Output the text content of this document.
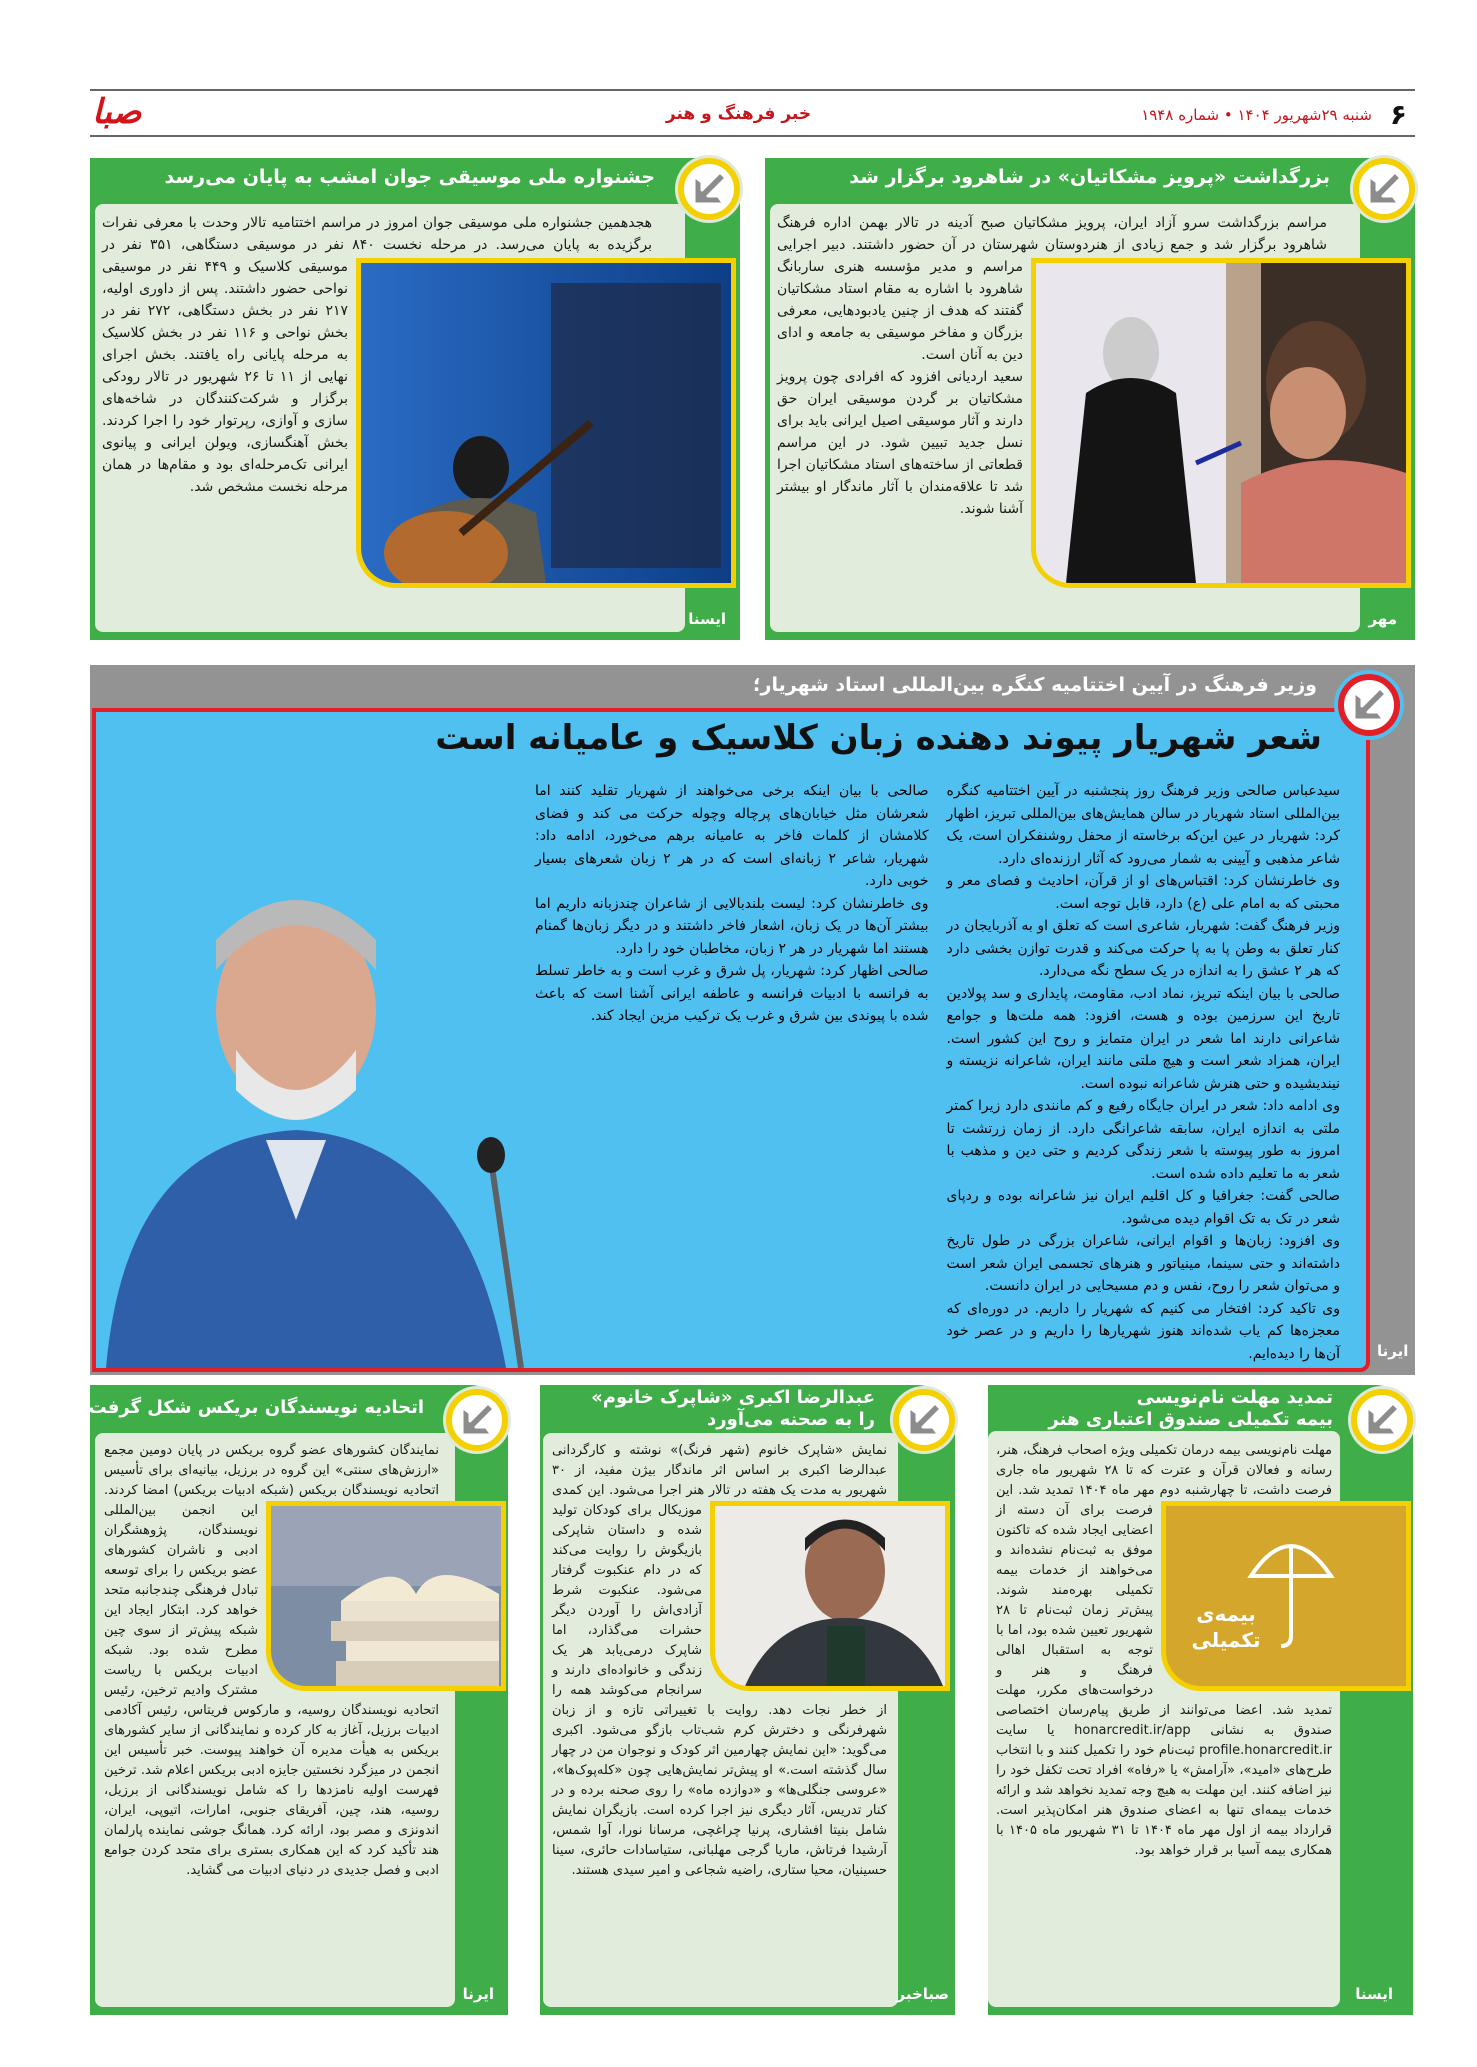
۶
شنبه ۲۹شهریور ۱۴۰۴ • شماره ۱۹۴۸
خبر فرهنگ و هنر
صبا
بزرگداشت «پرویز مشکاتیان» در شاهرود برگزار شد
مهر

مراسم بزرگداشت سرو آزاد ایران، پرویز مشکاتیان صبح آدینه در تالار بهمن اداره فرهنگ شاهرود برگزار شد و جمع زیادی از هنردوستان شهرستان در آن حضور داشتند. دبیر اجرایی مراسم و مدیر مؤسسه هنری ساربانگ شاهرود با اشاره به مقام استاد مشکاتیان گفتند که هدف از چنین یادبودهایی، معرفی بزرگان و مفاخر موسیقی به جامعه و ادای دین به آنان است.

سعید اردیانی افزود که افرادی چون پرویز مشکاتیان بر گردن موسیقی ایران حق دارند و آثار موسیقی اصیل ایرانی باید برای نسل جدید تبیین شود. در این مراسم قطعاتی از ساخته‌های استاد مشکاتیان اجرا شد تا علاقه‌مندان با آثار ماندگار او بیشتر آشنا شوند.

جشنواره ملی موسیقی جوان امشب به پایان می‌رسد
ایسنا

هجدهمین جشنواره ملی موسیقی جوان امروز در مراسم اختتامیه تالار وحدت با معرفی نفرات برگزیده به پایان می‌رسد. در مرحله نخست ۸۴۰ نفر در موسیقی دستگاهی، ۳۵۱ نفر در موسیقی کلاسیک و ۴۴۹ نفر در موسیقی نواحی حضور داشتند. پس از داوری اولیه، ۲۱۷ نفر در بخش دستگاهی، ۲۷۲ نفر در بخش نواحی و ۱۱۶ نفر در بخش کلاسیک به مرحله پایانی راه یافتند. بخش اجرای نهایی از ۱۱ تا ۲۶ شهریور در تالار رودکی برگزار و شرکت‌کنندگان در شاخه‌های سازی و آوازی، رپرتوار خود را اجرا کردند. بخش آهنگسازی، ویولن ایرانی و پیانوی ایرانی تک‌مرحله‌ای بود و مقام‌ها در همان مرحله نخست مشخص شد.

وزیر فرهنگ در آیین اختتامیه کنگره بین‌المللی استاد شهریار؛
شعر شهریار پیوند دهنده زبان کلاسیک و عامیانه است
ایرنا

سیدعباس صالحی وزیر فرهنگ روز پنجشنبه در آیین اختتامیه کنگره بین‌المللی استاد شهریار در سالن همایش‌های بین‌المللی تبریز، اظهار کرد: شهریار در عین این‌که برخاسته از محفل روشنفکران است، یک شاعر مذهبی و آیینی به شمار می‌رود که آثار ارزنده‌ای دارد.

وی خاطرنشان کرد: اقتباس‌های او از قرآن، احادیث و فصای معر و محبتی که به امام علی (ع) دارد، قابل توجه است.

وزیر فرهنگ گفت: شهریار، شاعری است که تعلق او به آذربایجان در کنار تعلق به وطن پا به پا حرکت می‌کند و قدرت توازن بخشی دارد که هر ۲ عشق را به اندازه در یک سطح نگه می‌دارد.

صالحی با بیان اینکه تبریز، نماد ادب، مقاومت، پایداری و سد پولادین تاریخ این سرزمین بوده و هست، افزود: همه ملت‌ها و جوامع شاعرانی دارند اما شعر در ایران متمایز و روح این کشور است. ایران، همزاد شعر است و هیچ ملتی مانند ایران، شاعرانه نزیسته و نیندیشیده و حتی هنرش شاعرانه نبوده است.

وی ادامه داد: شعر در ایران جایگاه رفیع و کم مانندی دارد زیرا کمتر ملتی به اندازه ایران، سابقه شاعرانگی دارد. از زمان زرتشت تا امروز به طور پیوسته با شعر زندگی کردیم و حتی دین و مذهب با شعر به ما تعلیم داده شده است.

صالحی گفت: جغرافیا و کل اقلیم ایران نیز شاعرانه بوده و ردپای شعر در تک به تک اقوام دیده می‌شود.

وی افزود: زبان‌ها و اقوام ایرانی، شاعران بزرگی در طول تاریخ داشته‌اند و حتی سینما، مینیاتور و هنرهای تجسمی ایران شعر است و می‌توان شعر را روح، نفس و دم مسیحایی در ایران دانست.

وی تاکید کرد: افتخار می کنیم که شهریار را داریم. در دوره‌ای که معجزه‌ها کم یاب شده‌اند هنوز شهریارها را داریم و در عصر خود آن‌ها را دیده‌ایم.

صالحی با بیان اینکه برخی می‌خواهند از شهریار تقلید کنند اما شعرشان مثل خیابان‌های پرچاله وچوله حرکت می کند و فضای کلامشان از کلمات فاخر به عامیانه برهم می‌خورد، ادامه داد: شهریار، شاعر ۲ زبانه‌ای است که در هر ۲ زبان شعرهای بسیار خوبی دارد.

وی خاطرنشان کرد: لیست بلندبالایی از شاعران چندزبانه داریم اما بیشتر آن‌ها در یک زبان، اشعار فاخر داشتند و در دیگر زبان‌ها گمنام هستند اما شهریار در هر ۲ زبان، مخاطبان خود را دارد.

صالحی اظهار کرد: شهریار، پل شرق و غرب است و به خاطر تسلط به فرانسه با ادبیات فرانسه و عاطفه ایرانی آشنا است که باعث شده با پیوندی بین شرق و غرب یک ترکیب مزین ایجاد کند.

تمدید مهلت نام‌نویسی
بیمه تکمیلی صندوق اعتباری هنر
ایسنا
بیمه‌ی تکمیلی

مهلت نام‌نویسی بیمه درمان تکمیلی ویژه اصحاب فرهنگ، هنر، رسانه و فعالان قرآن و عترت که تا ۲۸ شهریور ماه جاری فرصت داشت، تا چهارشنبه دوم مهر ماه ۱۴۰۴ تمدید شد. این فرصت برای آن دسته از اعضایی ایجاد شده که تاکنون موفق به ثبت‌نام نشده‌اند و می‌خواهند از خدمات بیمه تکمیلی بهره‌مند شوند. پیش‌تر زمان ثبت‌نام تا ۲۸ شهریور تعیین شده بود، اما با توجه به استقبال اهالی فرهنگ و هنر و درخواست‌های مکرر، مهلت تمدید شد. اعضا می‌توانند از طریق پیام‌رسان اختصاصی صندوق به نشانی honarcredit.ir/app یا سایت profile.honarcredit.ir ثبت‌نام خود را تکمیل کنند و با انتخاب طرح‌های «امید»، «آرامش» یا «رفاه» افراد تحت تکفل خود را نیز اضافه کنند. این مهلت به هیچ وجه تمدید نخواهد شد و ارائه خدمات بیمه‌ای تنها به اعضای صندوق هنر امکان‌پذیر است. قرارداد بیمه از اول مهر ماه ۱۴۰۴ تا ۳۱ شهریور ماه ۱۴۰۵ با همکاری بیمه آسیا بر قرار خواهد بود.

عبدالرضا اکبری «شاپرک خانوم»
را به صحنه می‌آورد
صباخبر

نمایش «شاپرک خانوم (شهر فرنگ)» نوشته و کارگردانی عبدالرضا اکبری بر اساس اثر ماندگار بیژن مفید، از ۳۰ شهریور به مدت یک هفته در تالار هنر اجرا می‌شود. این کمدی موزیکال برای کودکان تولید شده و داستان شاپرکی بازیگوش را روایت می‌کند که در دام عنکبوت گرفتار می‌شود. عنکبوت شرط آزادی‌اش را آوردن دیگر حشرات می‌گذارد، اما شاپرک درمی‌یابد هر یک زندگی و خانواده‌ای دارند و سرانجام می‌کوشد همه را از خطر نجات دهد. روایت با تغییراتی تازه و از زبان شهرفرنگی و دخترش کرم شب‌تاب بازگو می‌شود. اکبری می‌گوید: «این نمایش چهارمین اثر کودک و نوجوان من در چهار سال گذشته است.» او پیش‌تر نمایش‌هایی چون «کله‌پوک‌ها»، «عروسی جنگلی‌ها» و «دوازده ماه» را روی صحنه برده و در کنار تدریس، آثار دیگری نیز اجرا کرده است. بازیگران نمایش شامل بنیتا افشاری، پرنیا چراغچی، مرسانا نورا، آوا شمس، آرشیدا فرتاش، ماریا گرجی مهلبانی، ستیاسادات حائری، سینا حسینیان، محیا ستاری، راضیه شجاعی و امیر سیدی هستند.

اتحادیه نویسندگان بریکس شکل گرفت
ایرنا

نمایندگان کشورهای عضو گروه بریکس در پایان دومین مجمع «ارزش‌های سنتی» این گروه در برزیل، بیانیه‌ای برای تأسیس اتحادیه نویسندگان بریکس (شبکه ادبیات بریکس) امضا کردند. این انجمن بین‌المللی نویسندگان، پژوهشگران ادبی و ناشران کشورهای عضو بریکس را برای توسعه تبادل فرهنگی چندجانبه متحد خواهد کرد. ابتکار ایجاد این شبکه پیش‌تر از سوی چین مطرح شده بود. شبکه ادبیات بریکس با ریاست مشترک وادیم ترخین، رئیس اتحادیه نویسندگان روسیه، و مارکوس فریتاس، رئیس آکادمی ادبیات برزیل، آغاز به کار کرده و نمایندگانی از سایر کشورهای بریکس به هیأت مدیره آن خواهند پیوست. خبر تأسیس این انجمن در میزگرد نخستین جایزه ادبی بریکس اعلام شد. ترخین فهرست اولیه نامزدها را که شامل نویسندگانی از برزیل، روسیه، هند، چین، آفریقای جنوبی، امارات، اتیوپی، ایران، اندونزی و مصر بود، ارائه کرد. همانگ جوشی نماینده پارلمان هند تأکید کرد که این همکاری بستری برای متحد کردن جوامع ادبی و فصل جدیدی در دنیای ادبیات می گشاید.
